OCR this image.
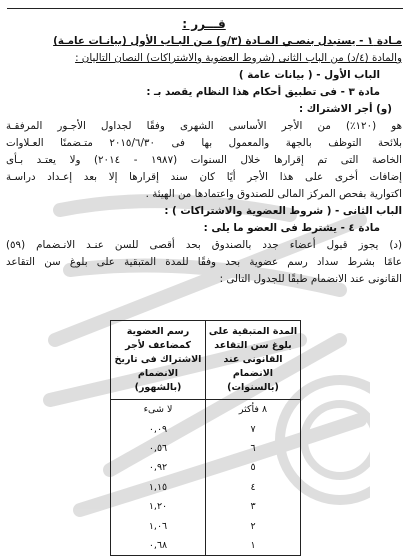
قـــرر :
مـادة ١ - يستبدل بنصـي المـادة (٣/و) مـن البـاب الأول (بيانـات عامـة)
والمادة (٤/د) من الباب الثانى (شروط العضوية والاشتراكات) النصان التاليان :
الباب الأول - ( بيانات عامة )
مادة ٣ - فى تطبيق أحكام هذا النظام يقصد بـ :
(و) أجر الاشتراك :
هو (١٢٠٪) من الأجر الأساسى الشهرى وفقًا لجداول الأجـور المرفقـة
بلائحة التوظف بالجهة والمعمول بها فى ٢٠١٥/٦/٣٠ متـضمنًا العـلاوات
الخاصة التى تم إقرارها خلال السنوات (١٩٨٧ - ٢٠١٤) ولا يعتـد بـأى
إضافات أخرى على هذا الأجر أيًا كان سند إقرارها إلا بعد إعـداد دراسـة
اكتوارية بفحص المركز المالى للصندوق واعتمادها من الهيئة .
الباب الثانى - ( شروط العضوية والاشتراكات ) :
مادة ٤ - يشترط فى العضو ما يلى :
(د) يجوز قبول أعضاء جدد بالصندوق بحد أقصى للسن عنـد الانـضمام (٥٩)
عامًا بشرط سداد رسم عضوية بحد وفقًا للمدة المتبقية على بلوغ سن التقاعد
القانونى عند الانضمام طبقًا للجدول التالى :
المدة المتبقية على بلوغ سن التقاعد القانونى عند الانضمام (بالسنوات)	رسم العضوية كمضاعف لأجر الاشتراك فى تاريخ الانضمام (بالشهور)
٨ فأكثر	لا شىء
٧	٠,٠٩
٦	٠,٥٦
٥	٠,٩٢
٤	١,١٥
٣	١,٢٠
٢	١,٠٦
١	٠,٦٨
